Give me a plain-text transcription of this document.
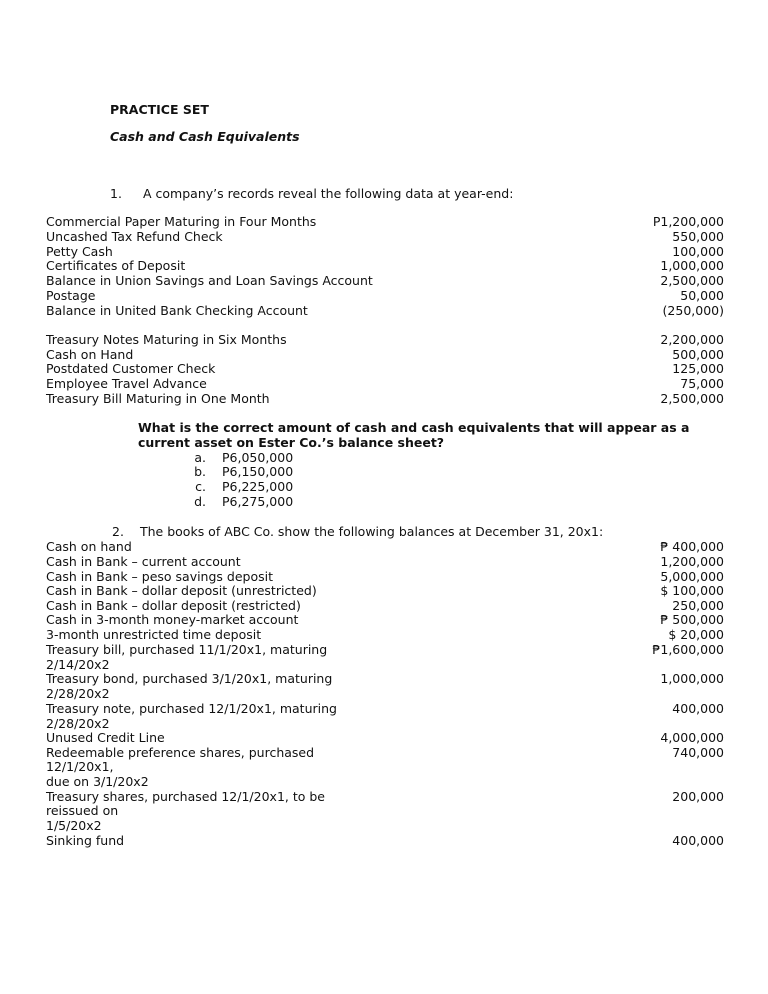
PRACTICE SET
Cash and Cash Equivalents
1. A company’s records reveal the following data at year-end:
Commercial Paper Maturing in Four Months	P1,200,000
Uncashed Tax Refund Check	550,000
Petty Cash	100,000
Certificates of Deposit	1,000,000
Balance in Union Savings and Loan Savings Account	2,500,000
Postage	50,000
Balance in United Bank Checking Account	(250,000)
Treasury Notes Maturing in Six Months	2,200,000
Cash on Hand	500,000
Postdated Customer Check	125,000
Employee Travel Advance	75,000
Treasury Bill Maturing in One Month	2,500,000
What is the correct amount of cash and cash equivalents that will appear as a
current asset on Ester Co.’s balance sheet?
a. P6,050,000
b. P6,150,000
c. P6,225,000
d. P6,275,000
2. The books of ABC Co. show the following balances at December 31, 20x1:
Cash on hand	₱ 400,000
Cash in Bank – current account	1,200,000
Cash in Bank – peso savings deposit	5,000,000
Cash in Bank – dollar deposit (unrestricted)	$ 100,000
Cash in Bank – dollar deposit (restricted)	250,000
Cash in 3-month money-market account	₱ 500,000
3-month unrestricted time deposit	$ 20,000
Treasury bill, purchased 11/1/20x1, maturing	₱1,600,000
2/14/20x2
Treasury bond, purchased 3/1/20x1, maturing	1,000,000
2/28/20x2
Treasury note, purchased 12/1/20x1, maturing	400,000
2/28/20x2
Unused Credit Line	4,000,000
Redeemable preference shares, purchased	740,000
12/1/20x1,
due on 3/1/20x2
Treasury shares, purchased 12/1/20x1, to be	200,000
reissued on
1/5/20x2
Sinking fund	400,000
